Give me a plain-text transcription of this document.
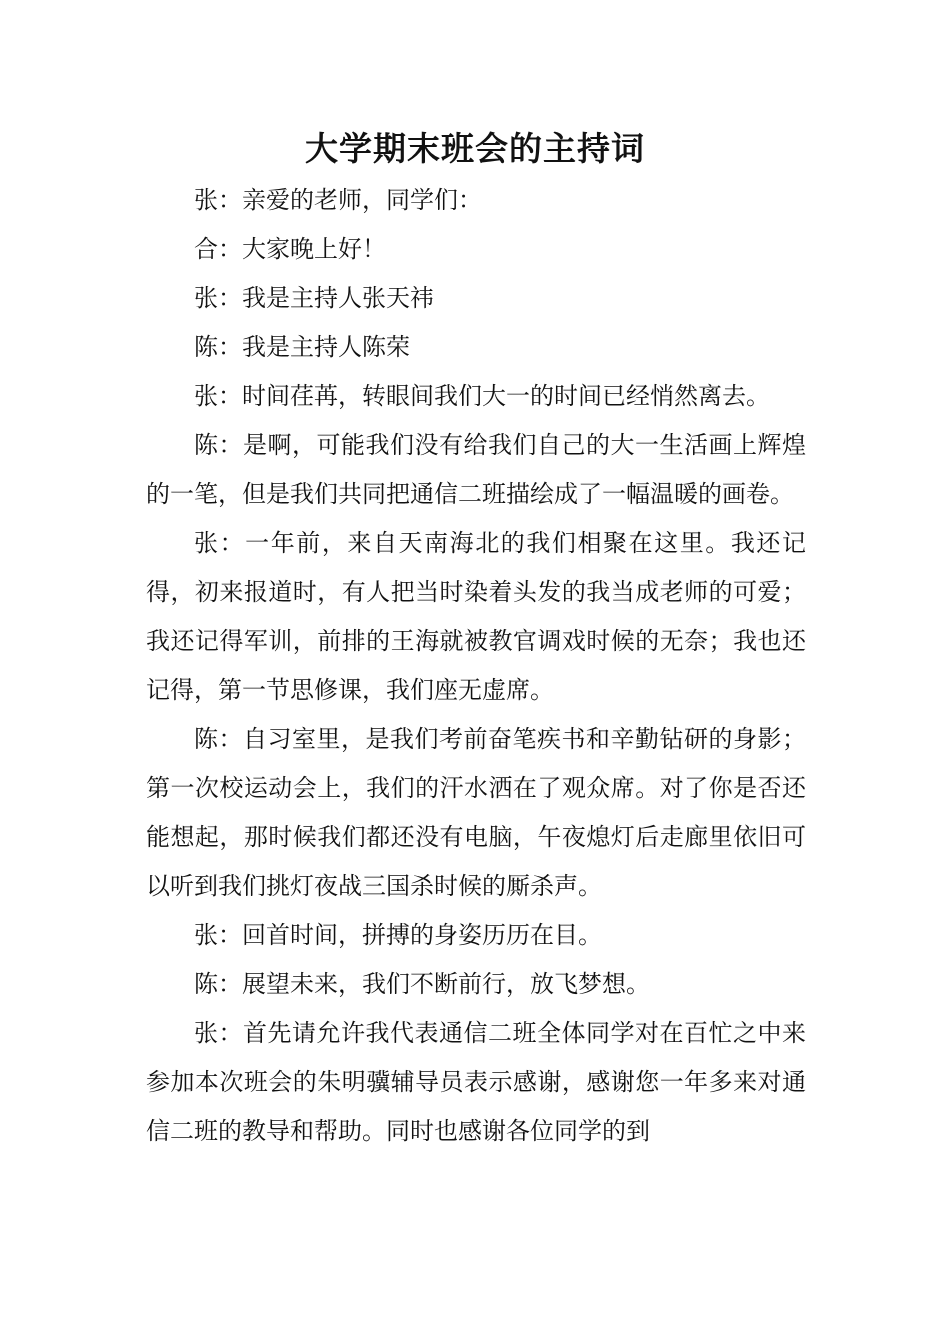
大学期末班会的主持词

张：亲爱的老师，同学们：

合：大家晚上好！

张：我是主持人张天祎

陈：我是主持人陈荣

张：时间荏苒，转眼间我们大一的时间已经悄然离去。

陈：是啊，可能我们没有给我们自己的大一生活画上辉煌的一笔，但是我们共同把通信二班描绘成了一幅温暖的画卷。

张：一年前，来自天南海北的我们相聚在这里。我还记得，初来报道时，有人把当时染着头发的我当成老师的可爱；我还记得军训，前排的王海就被教官调戏时候的无奈；我也还记得，第一节思修课，我们座无虚席。

陈：自习室里，是我们考前奋笔疾书和辛勤钻研的身影；第一次校运动会上，我们的汗水洒在了观众席。对了你是否还能想起，那时候我们都还没有电脑，午夜熄灯后走廊里依旧可以听到我们挑灯夜战三国杀时候的厮杀声。

张：回首时间，拼搏的身姿历历在目。

陈：展望未来，我们不断前行，放飞梦想。

张：首先请允许我代表通信二班全体同学对在百忙之中来参加本次班会的朱明骥辅导员表示感谢，感谢您一年多来对通信二班的教导和帮助。同时也感谢各位同学的到
